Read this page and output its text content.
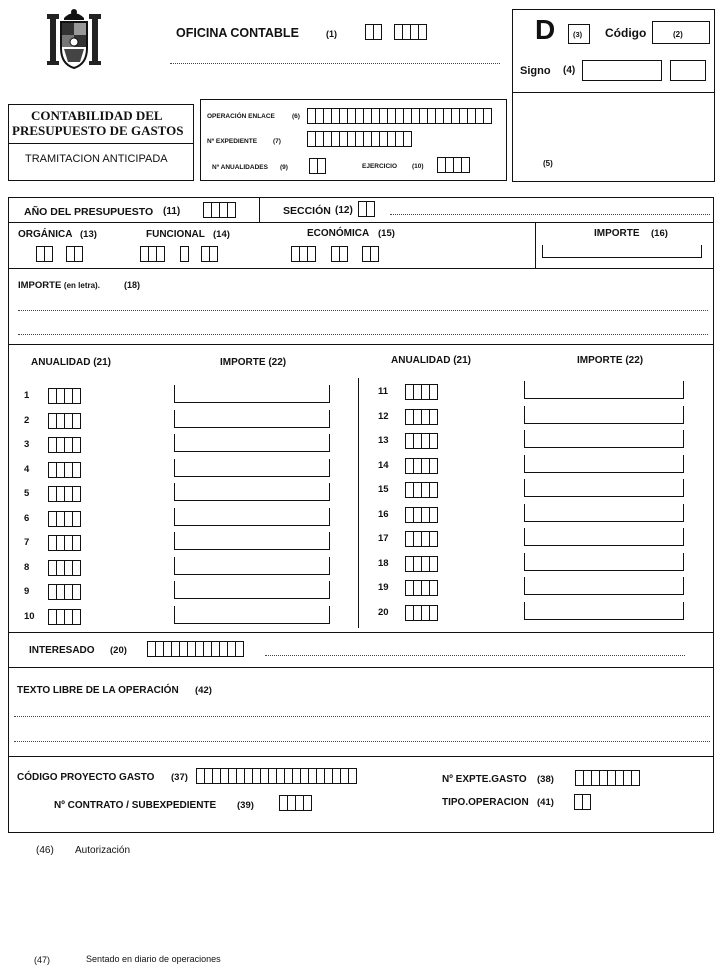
OFICINA CONTABLE	(1)	D (3) Código	(2)
Signo (4)
(5)
CONTABILIDAD DEL
PRESUPUESTO DE GASTOS
TRAMITACION ANTICIPADA
OPERACIÓN ENLACE	(6)
Nº EXPEDIENTE (7)
Nº ANUALIDADES (9)	EJERCICIO (10)
AÑO DEL PRESUPUESTO (11)	SECCIÓN (12)
ORGÁNICA (13)	FUNCIONAL (14)	ECONÓMICA (15)	IMPORTE (16)
IMPORTE (en letra).	(18)
ANUALIDAD (21)	IMPORTE (22)	ANUALIDAD (21)	IMPORTE (22)
1
2
3
4
5
6
7
8
9
10
11
12
13
14
15
16
17
18
19
20
INTERESADO (20)
TEXTO LIBRE DE LA OPERACIÓN (42)
CÓDIGO PROYECTO GASTO (37)	Nº EXPTE.GASTO (38)
Nº CONTRATO / SUBEXPEDIENTE (39)	TIPO.OPERACION (41)
(46) Autorización
(47)	Sentado en diario de operaciones
